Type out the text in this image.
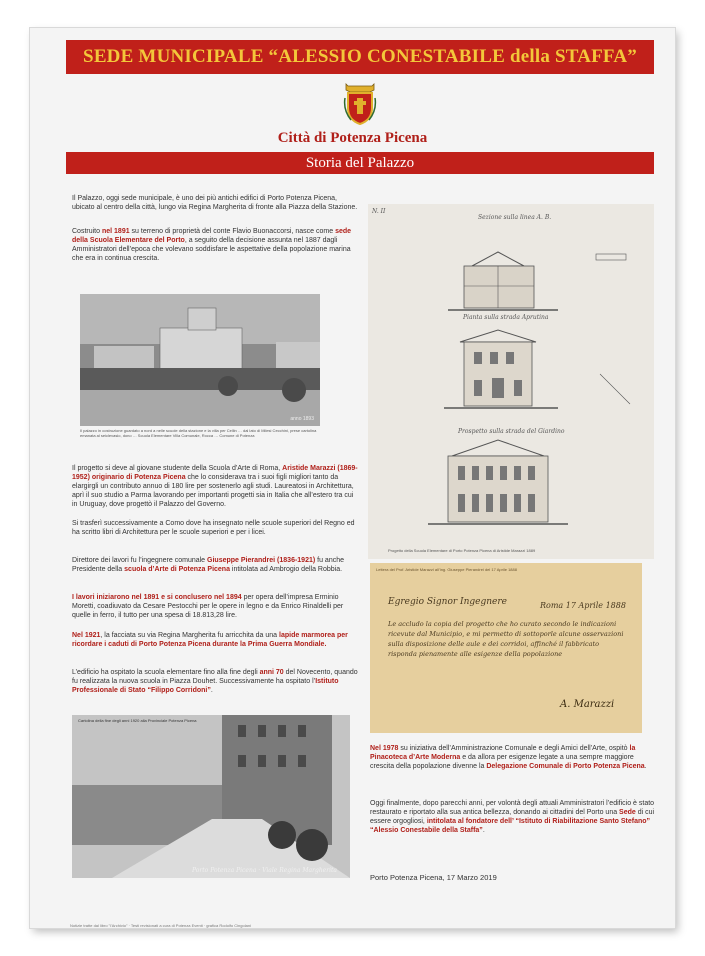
SEDE MUNICIPALE “ALESSIO CONESTABILE della STAFFA”
Città di Potenza Picena
Storia del Palazzo

Il Palazzo, oggi sede municipale, è uno dei più antichi edifici di Porto Potenza Picena, ubicato al centro della città, lungo via Regina Margherita di fronte alla Piazza della Stazione.

Costruito nel 1891 su terreno di proprietà del conte Flavio Buonaccorsi, nasce come sede della Scuola Elementare del Porto, a seguito della decisione assunta nel 1887 dagli Amministratori dell’epoca che volevano soddisfare le aspettative della popolazione marina che era in continua crescita.

anno 1893

Il palazzo in costruzione guardato a nord a nelle scuole della stazione e la villa per Cellin … dal lato di Milesi Cecchini, prese cartolina emanata al seiclevasio, dono … Scuola Elementare Villa Comunale, Rocca … Comune di Potenza

Il progetto si deve al giovane studente della Scuola d’Arte di Roma, Aristide Marazzi (1869-1952) originario di Potenza Picena che lo considerava tra i suoi figli migliori tanto da elargirgli un contributo annuo di 180 lire per sostenerlo agli studi. Laureatosi in Architettura, aprì il suo studio a Parma lavorando per importanti progetti sia in Italia che all’estero tra cui in Uruguay, dove progettò il Palazzo del Governo.

Si trasferì successivamente a Como dove ha insegnato nelle scuole superiori del Regno ed ha scritto libri di Architettura per le scuole superiori e per i licei.

Direttore dei lavori fu l’ingegnere comunale Giuseppe Pierandrei (1836-1921) fu anche Presidente della scuola d’Arte di Potenza Picena intitolata ad Ambrogio della Robbia.

I lavori iniziarono nel 1891 e si conclusero nel 1894 per opera dell’impresa Erminio Moretti, coadiuvato da Cesare Pestocchi per le opere in legno e da Enrico Rinaldelli per quelle in ferro, il tutto per una spesa di 18.813,28 lire.

Nel 1921, la facciata su via Regina Margherita fu arricchita da una lapide marmorea per ricordare i caduti di Porto Potenza Picena durante la Prima Guerra Mondiale.

L’edificio ha ospitato la scuola elementare fino alla fine degli anni 70 del Novecento, quando fu realizzata la nuova scuola in Piazza Douhet. Successivamente ha ospitato l’Istituto Professionale di Stato “Filippo Corridoni”.

Cartolina della fine degli anni 1920 alla Provinciale Potenza Picena
Porto Potenza Picena · Viale Regina Margherita
N. II
Sezione sulla linea A. B.
Pianta sulla strada Aprutina
Prospetto sulla strada del Giardino
Progetto della Scuola Elementare di Porto Potenza Picena di Aristide Marazzi 1889
Lettera del Prof. Aristide Marazzi all’ing. Giuseppe Pierandrei del 17 Aprile 1888
Egregio Signor Ingegnere	Roma 17 Aprile 1888
Le accludo la copia del progetto che ho curato secondo le indicazioni ricevute dal Municipio, e mi permetto di sottoporle alcune osservazioni sulla disposizione delle aule e dei corridoi, affinché il fabbricato risponda pienamente alle esigenze della popolazione
A. Marazzi

Nel 1978 su iniziativa dell’Amministrazione Comunale e degli Amici dell’Arte, ospitò la Pinacoteca d’Arte Moderna e da allora per esigenze legate a una sempre maggiore crescita della popolazione divenne la Delegazione Comunale di Porto Potenza Picena.

Oggi finalmente, dopo parecchi anni, per volontà degli attuali Amministratori l’edificio è stato restaurato e riportato alla sua antica bellezza, donando ai cittadini del Porto una Sede di cui essere orgogliosi, intitolata al fondatore dell’ “Istituto di Riabilitazione Santo Stefano” “Alessio Conestabile della Staffa”.

Porto Potenza Picena, 17 Marzo 2019

Notizie tratte dal libro "l'Archivio" · Testi revisionati a cura di Potenza Eventi · grafica Rodolfo Cingolani
